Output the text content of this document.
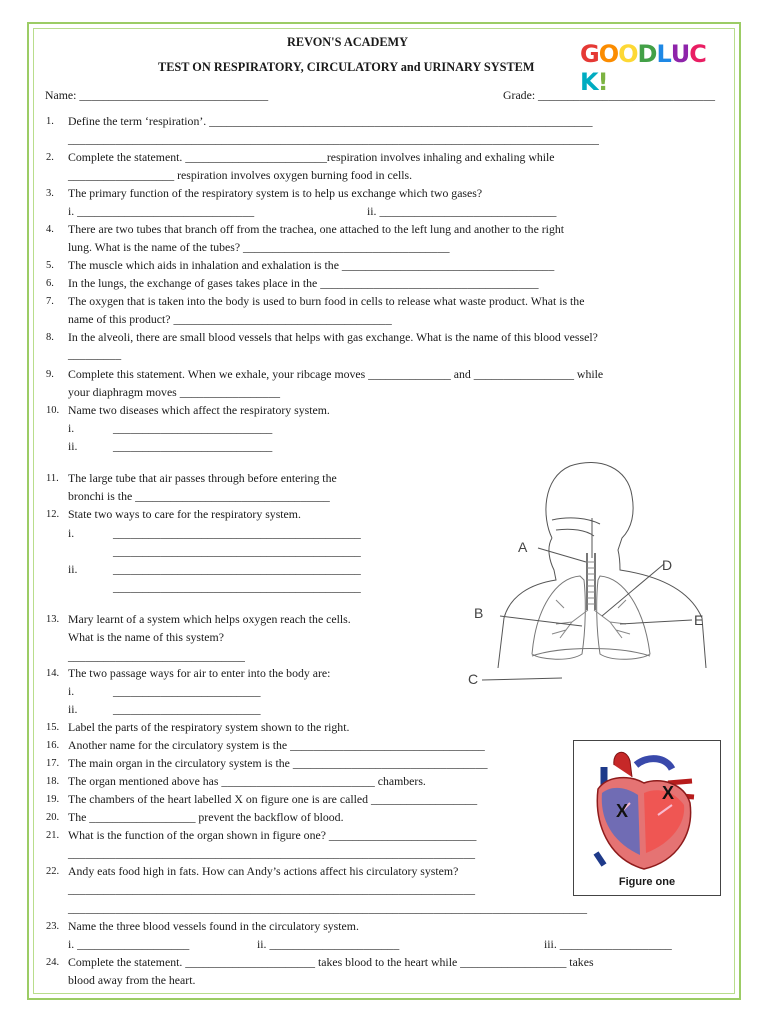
REVON'S ACADEMY
TEST ON RESPIRATORY, CIRCULATORY and URINARY SYSTEM GOODLUCK!
Name: ________________________________	Grade: ______________________________
1. Define the term ‘respiration’. _________________________________________________________________
__________________________________________________________________________________________
2. Complete the statement. ________________________respiration involves inhaling and exhaling while
__________________ respiration involves oxygen burning food in cells.
3. The primary function of the respiratory system is to help us exchange which two gases?
i. ______________________________	ii. ______________________________
4. There are two tubes that branch off from the trachea, one attached to the left lung and another to the right
lung. What is the name of the tubes? ___________________________________
5. The muscle which aids in inhalation and exhalation is the ____________________________________
6. In the lungs, the exchange of gases takes place in the _____________________________________
7. The oxygen that is taken into the body is used to burn food in cells to release what waste product. What is the
name of this product? _____________________________________
8. In the alveoli, there are small blood vessels that helps with gas exchange. What is the name of this blood vessel?
_________
9. Complete this statement. When we exhale, your ribcage moves ______________ and _________________ while
your diaphragm moves _________________
10. Name two diseases which affect the respiratory system.
i.	___________________________
ii.	___________________________
11. The large tube that air passes through before entering the
bronchi is the _________________________________
12. State two ways to care for the respiratory system.
i.	__________________________________________
__________________________________________
ii.	__________________________________________
__________________________________________
13. Mary learnt of a system which helps oxygen reach the cells.
What is the name of this system?
______________________________
14. The two passage ways for air to enter into the body are:
i.	_________________________
ii.	_________________________
15. Label the parts of the respiratory system shown to the right.
16. Another name for the circulatory system is the _________________________________
17. The main organ in the circulatory system is the _________________________________
18. The organ mentioned above has __________________________ chambers.
19. The chambers of the heart labelled X on figure one is are called __________________
20. The __________________ prevent the backflow of blood.
21. What is the function of the organ shown in figure one? _________________________
_____________________________________________________________________
22. Andy eats food high in fats. How can Andy’s actions affect his circulatory system?
_____________________________________________________________________
________________________________________________________________________________________
23. Name the three blood vessels found in the circulatory system.
i. ___________________	ii. ______________________	iii. ___________________
24. Complete the statement. ______________________ takes blood to the heart while __________________ takes
blood away from the heart.
A
B
C
D
E
X
X
Figure one
